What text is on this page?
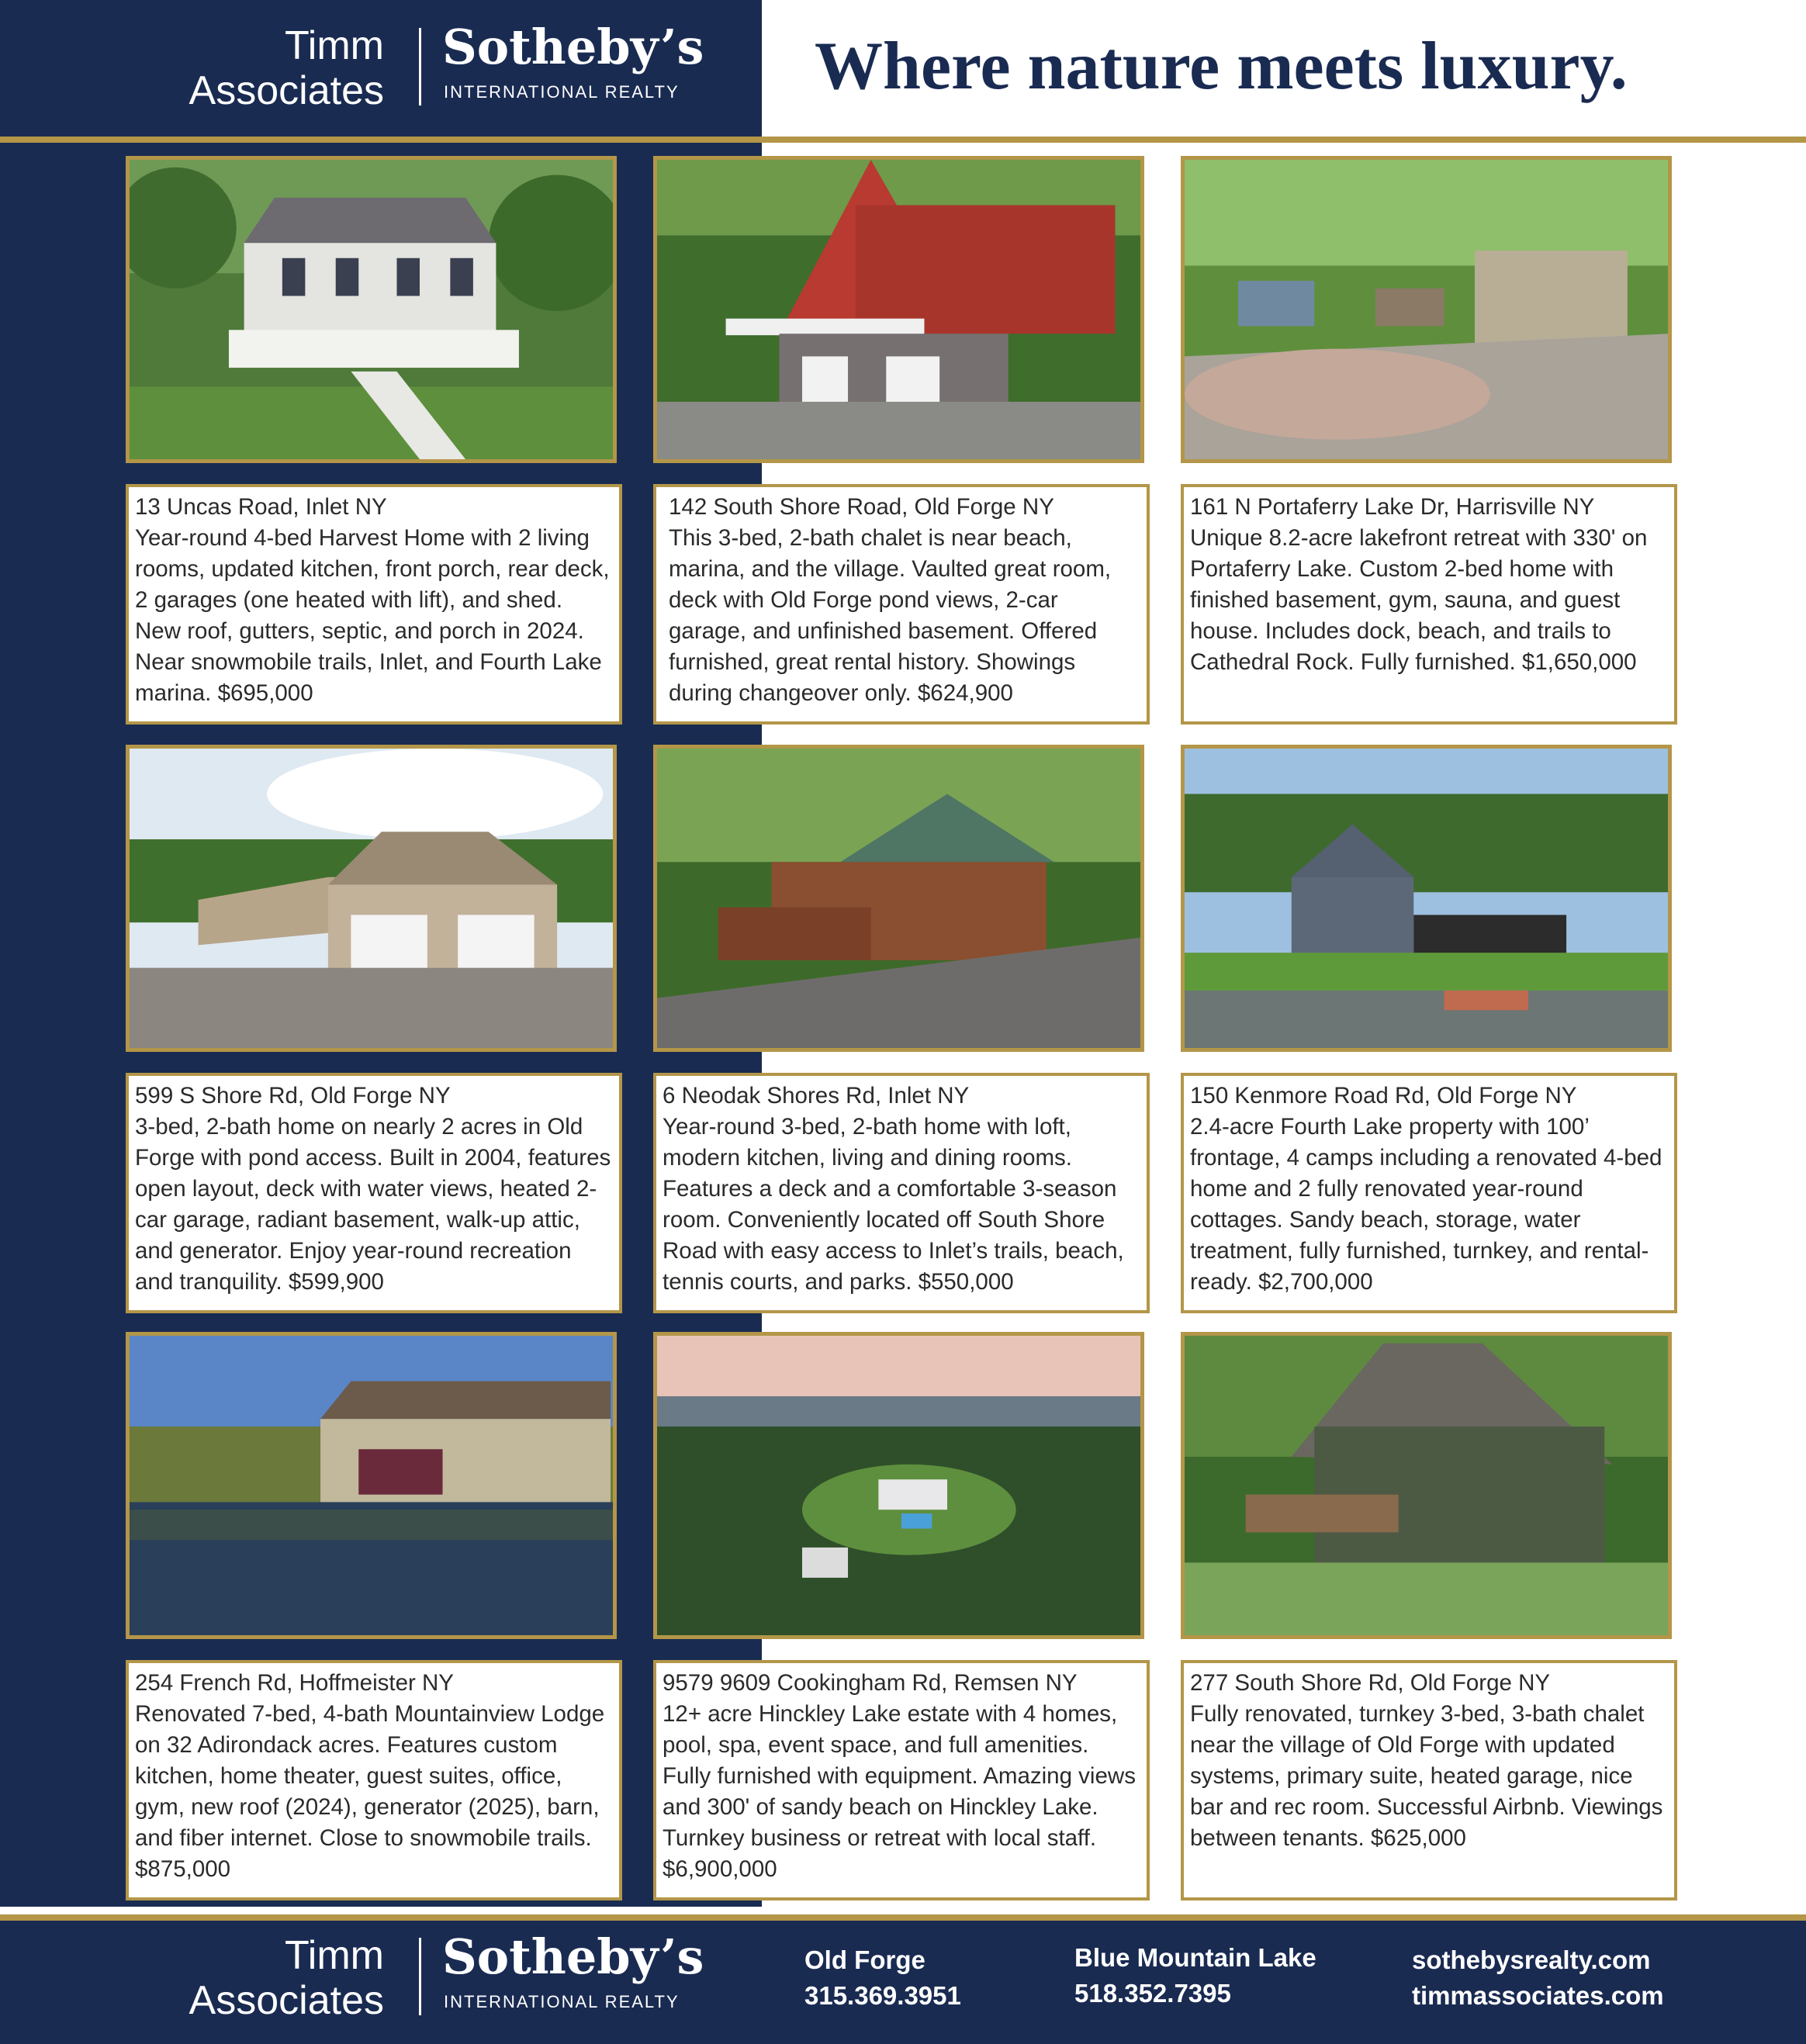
Timm
Associates
Sotheby’s
INTERNATIONAL REALTY Where nature meets luxury.
13 Uncas Road, Inlet NY
Year-round 4-bed Harvest Home with 2 living rooms, updated kitchen, front porch, rear deck, 2 garages (one heated with lift), and shed. New roof, gutters, septic, and porch in 2024. Near snowmobile trails, Inlet, and Fourth Lake marina. $695,000
142 South Shore Road, Old Forge NY
This 3-bed, 2-bath chalet is near beach, marina, and the village. Vaulted great room, deck with Old Forge pond views, 2-car garage, and unfinished basement. Offered furnished, great rental history. Showings during changeover only. $624,900
161 N Portaferry Lake Dr, Harrisville NY
Unique 8.2-acre lakefront retreat with 330' on Portaferry Lake. Custom 2-bed home with finished basement, gym, sauna, and guest house. Includes dock, beach, and trails to Cathedral Rock. Fully furnished. $1,650,000
599 S Shore Rd, Old Forge NY
3-bed, 2-bath home on nearly 2 acres in Old Forge with pond access. Built in 2004, features open layout, deck with water views, heated 2-car garage, radiant basement, walk-up attic, and generator. Enjoy year-round recreation and tranquility. $599,900
6 Neodak Shores Rd, Inlet NY
Year-round 3-bed, 2-bath home with loft, modern kitchen, living and dining rooms. Features a deck and a comfortable 3-season room. Conveniently located off South Shore Road with easy access to Inlet’s trails, beach, tennis courts, and parks. $550,000
150 Kenmore Road Rd, Old Forge NY
2.4-acre Fourth Lake property with 100’ frontage, 4 camps including a renovated 4-bed home and 2 fully renovated year-round cottages. Sandy beach, storage, water treatment, fully furnished, turnkey, and rental-ready. $2,700,000
254 French Rd, Hoffmeister NY
Renovated 7-bed, 4-bath Mountainview Lodge on 32 Adirondack acres. Features custom kitchen, home theater, guest suites, office, gym, new roof (2024), generator (2025), barn, and fiber internet. Close to snowmobile trails. $875,000
9579 9609 Cookingham Rd, Remsen NY
12+ acre Hinckley Lake estate with 4 homes, pool, spa, event space, and full amenities. Fully furnished with equipment. Amazing views and 300' of sandy beach on Hinckley Lake. Turnkey business or retreat with local staff. $6,900,000
277 South Shore Rd, Old Forge NY
Fully renovated, turnkey 3-bed, 3-bath chalet near the village of Old Forge with updated systems, primary suite, heated garage, nice bar and rec room. Successful Airbnb. Viewings between tenants. $625,000
Timm
Associates
Sotheby’s
INTERNATIONAL REALTY
Old Forge
315.369.3951
Blue Mountain Lake
518.352.7395
sothebysrealty.com
timmassociates.com
